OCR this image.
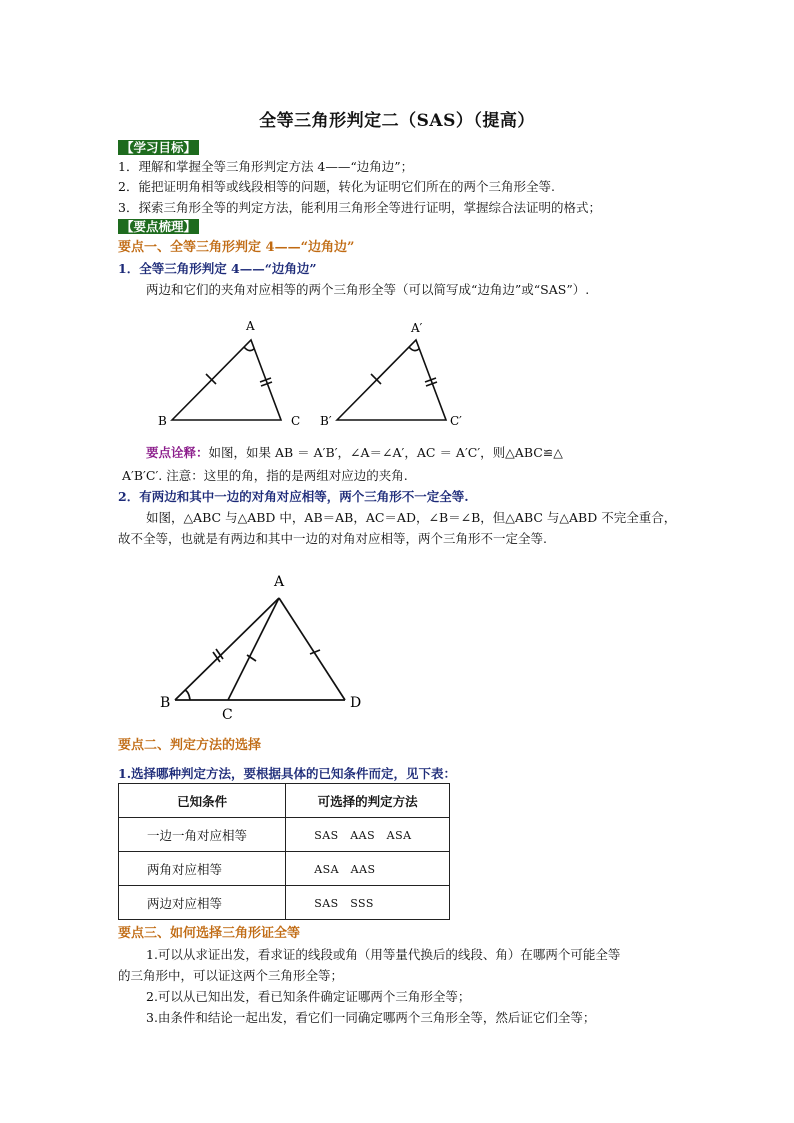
全等三角形判定二（SAS）（提高）
【学习目标】
1．理解和掌握全等三角形判定方法 4——“边角边”；
2．能把证明角相等或线段相等的问题，转化为证明它们所在的两个三角形全等.
3．探索三角形全等的判定方法，能利用三角形全等进行证明，掌握综合法证明的格式；
【要点梳理】
要点一、全等三角形判定 4——“边角边”
1．全等三角形判定 4——“边角边”
两边和它们的夹角对应相等的两个三角形全等（可以简写成“边角边”或“SAS”）.
A
B	C
A′
B′	C′
要点诠释：如图，如果 AB ＝ A′B′，∠A＝∠A′，AC ＝ A′C′，则△ABC≌△
A′B′C′. 注意：这里的角，指的是两组对应边的夹角.
2．有两边和其中一边的对角对应相等，两个三角形不一定全等.
如图，△ABC 与△ABD 中，AB＝AB，AC＝AD，∠B＝∠B，但△ABC 与△ABD 不完全重合，
故不全等，也就是有两边和其中一边的对角对应相等，两个三角形不一定全等.
A
B
C
D
要点二、判定方法的选择
1.选择哪种判定方法，要根据具体的已知条件而定，见下表：
已知条件	可选择的判定方法
一边一角对应相等	SAS　AAS　ASA
两角对应相等	ASA　AAS
两边对应相等	SAS　SSS
要点三、如何选择三角形证全等
1.可以从求证出发，看求证的线段或角（用等量代换后的线段、角）在哪两个可能全等
的三角形中，可以证这两个三角形全等；
2.可以从已知出发，看已知条件确定证哪两个三角形全等；
3.由条件和结论一起出发，看它们一同确定哪两个三角形全等，然后证它们全等；
